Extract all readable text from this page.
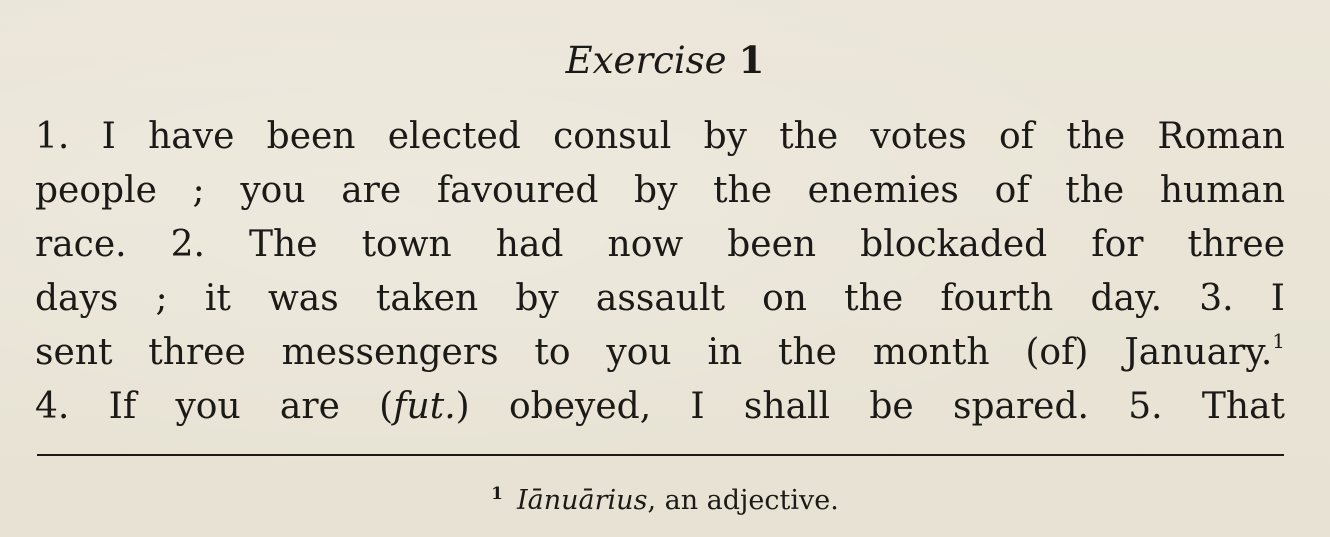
Exercise 1
1. I have been elected consul by the votes of the Roman
people ; you are favoured by the enemies of the human
race. 2. The town had now been blockaded for three
days ; it was taken by assault on the fourth day. 3. I
sent three messengers to you in the month (of) January.$^1$
4. If you are (fut.) obeyed, I shall be spared. 5. That
$^1$ Iānuārius, an adjective.
